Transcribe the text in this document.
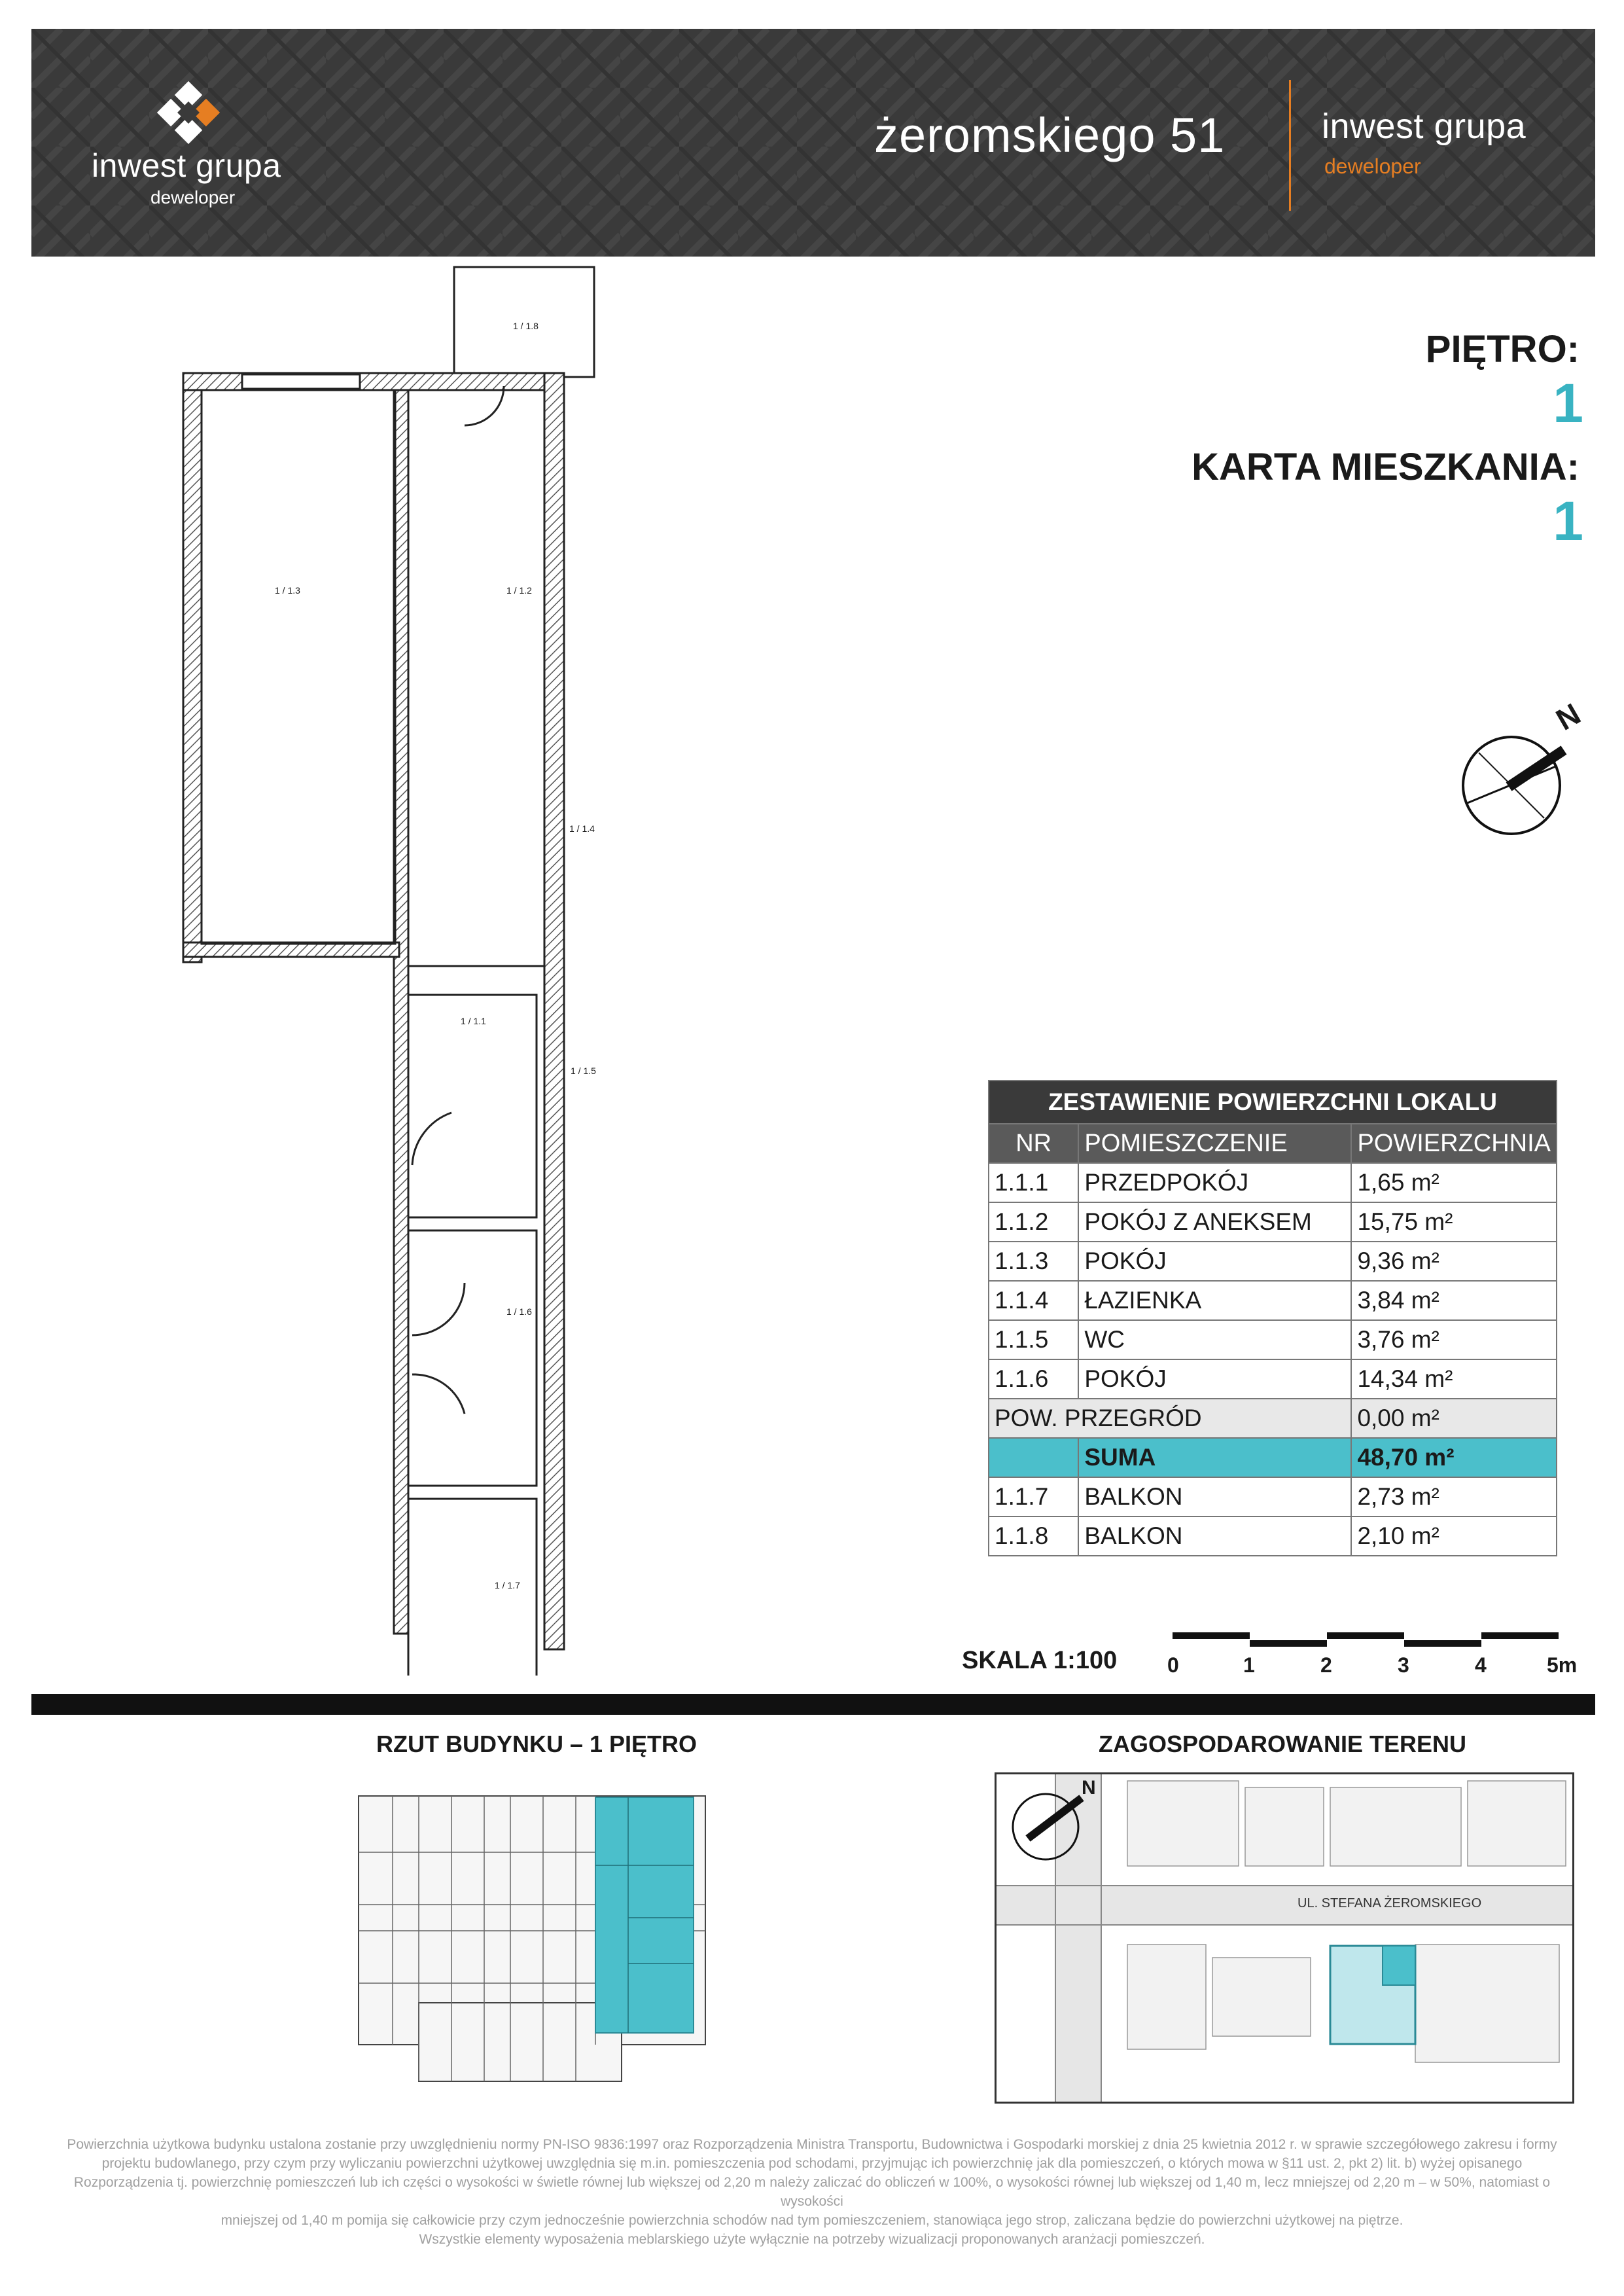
inwest grupa
deweloper
żeromskiego 51	inwest grupa
deweloper
PIĘTRO:
1
KARTA MIESZKANIA:
1
N
1 / 1.8
1 / 1.3	1 / 1.2
1 / 1.4
1 / 1.1
1 / 1.5
1 / 1.6
1 / 1.7
ZESTAWIENIE POWIERZCHNI LOKALU		
NR	POMIESZCZENIE	POWIERZCHNIA
1.1.1	PRZEDPOKÓJ	1,65 m²
1.1.2	POKÓJ Z ANEKSEM	15,75 m²
1.1.3	POKÓJ	9,36 m²
1.1.4	ŁAZIENKA	3,84 m²
1.1.5	WC	3,76 m²
1.1.6	POKÓJ	14,34 m²
POW. PRZEGRÓD		0,00 m²
	SUMA	48,70 m²
1.1.7	BALKON	2,73 m²
1.1.8	BALKON	2,10 m²
SKALA 1:100 0	1	2	3	4	5m
RZUT BUDYNKU – 1 PIĘTRO	ZAGOSPODAROWANIE TERENU
N
UL. STEFANA ŻEROMSKIEGO
Powierzchnia użytkowa budynku ustalona zostanie przy uwzględnieniu normy PN-ISO 9836:1997 oraz Rozporządzenia Ministra Transportu, Budownictwa i Gospodarki morskiej z dnia 25 kwietnia 2012 r. w sprawie szczegółowego zakresu i formy
projektu budowlanego, przy czym przy wyliczaniu powierzchni użytkowej uwzględnia się m.in. pomieszczenia pod schodami, przyjmując ich powierzchnię jak dla pomieszczeń, o których mowa w §11 ust. 2, pkt 2) lit. b) wyżej opisanego
Rozporządzenia tj. powierzchnię pomieszczeń lub ich części o wysokości w świetle równej lub większej od 2,20 m należy zaliczać do obliczeń w 100%, o wysokości równej lub większej od 1,40 m, lecz mniejszej od 2,20 m – w 50%, natomiast o wysokości
mniejszej od 1,40 m pomija się całkowicie przy czym jednocześnie powierzchnia schodów nad tym pomieszczeniem, stanowiąca jego strop, zaliczana będzie do powierzchni użytkowej na piętrze.
Wszystkie elementy wyposażenia meblarskiego użyte wyłącznie na potrzeby wizualizacji proponowanych aranżacji pomieszczeń.
